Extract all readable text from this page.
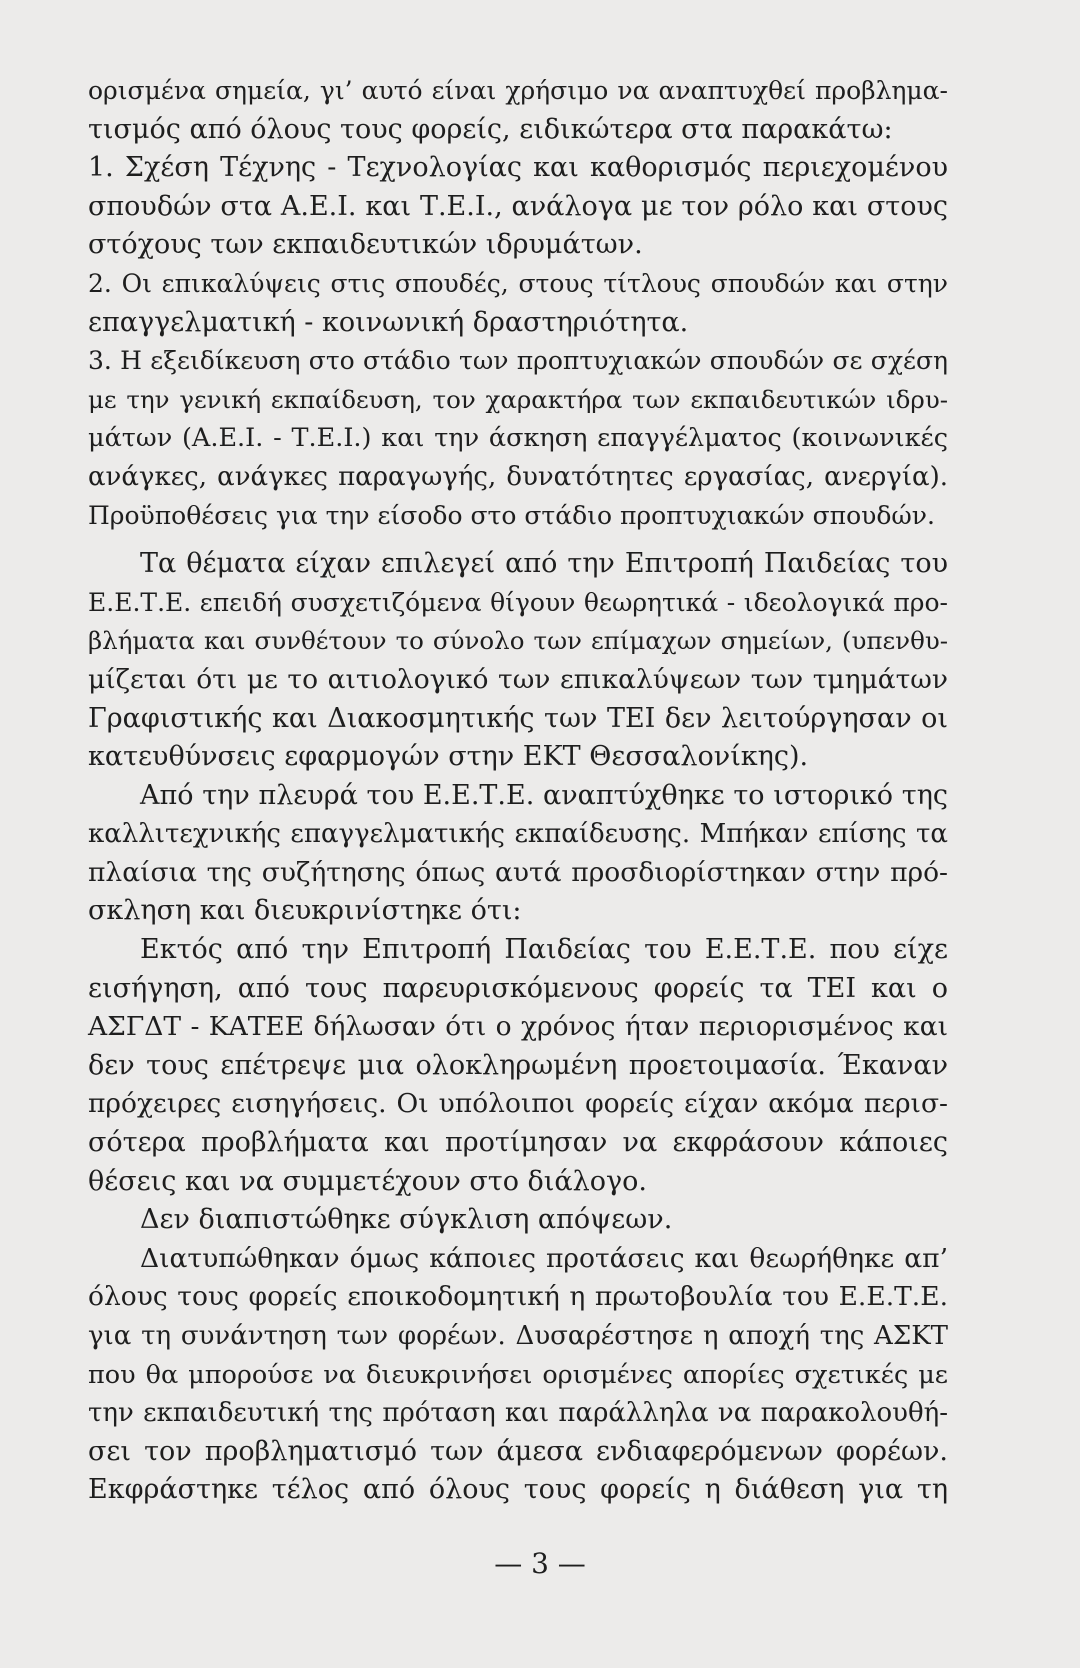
ορισμένα σημεία, γι’ αυτό είναι χρήσιμο να αναπτυχθεί προβλημα-
τισμός από όλους τους φορείς, ειδικώτερα στα παρακάτω:
1. Σχέση Τέχνης - Τεχνολογίας και καθορισμός περιεχομένου
σπουδών στα Α.Ε.Ι. και Τ.Ε.Ι., ανάλογα με τον ρόλο και στους
στόχους των εκπαιδευτικών ιδρυμάτων.
2. Οι επικαλύψεις στις σπουδές, στους τίτλους σπουδών και στην
επαγγελματική - κοινωνική δραστηριότητα.
3. Η εξειδίκευση στο στάδιο των προπτυχιακών σπουδών σε σχέση
με την γενική εκπαίδευση, τον χαρακτήρα των εκπαιδευτικών ιδρυ-
μάτων (Α.Ε.Ι. - Τ.Ε.Ι.) και την άσκηση επαγγέλματος (κοινωνικές
ανάγκες, ανάγκες παραγωγής, δυνατότητες εργασίας, ανεργία).
Προϋποθέσεις για την είσοδο στο στάδιο προπτυχιακών σπουδών.
Τα θέματα είχαν επιλεγεί από την Επιτροπή Παιδείας του
Ε.Ε.Τ.Ε. επειδή συσχετιζόμενα θίγουν θεωρητικά - ιδεολογικά προ-
βλήματα και συνθέτουν το σύνολο των επίμαχων σημείων, (υπενθυ-
μίζεται ότι με το αιτιολογικό των επικαλύψεων των τμημάτων
Γραφιστικής και Διακοσμητικής των ΤΕΙ δεν λειτούργησαν οι
κατευθύνσεις εφαρμογών στην ΕΚΤ Θεσσαλονίκης).
Από την πλευρά του Ε.Ε.Τ.Ε. αναπτύχθηκε το ιστορικό της
καλλιτεχνικής επαγγελματικής εκπαίδευσης. Μπήκαν επίσης τα
πλαίσια της συζήτησης όπως αυτά προσδιορίστηκαν στην πρό-
σκληση και διευκρινίστηκε ότι:
Εκτός από την Επιτροπή Παιδείας του Ε.Ε.Τ.Ε. που είχε
εισήγηση, από τους παρευρισκόμενους φορείς τα ΤΕΙ και ο
ΑΣΓΔΤ - ΚΑΤΕΕ δήλωσαν ότι ο χρόνος ήταν περιορισμένος και
δεν τους επέτρεψε μια ολοκληρωμένη προετοιμασία. Έκαναν
πρόχειρες εισηγήσεις. Οι υπόλοιποι φορείς είχαν ακόμα περισ-
σότερα προβλήματα και προτίμησαν να εκφράσουν κάποιες
θέσεις και να συμμετέχουν στο διάλογο.
Δεν διαπιστώθηκε σύγκλιση απόψεων.
Διατυπώθηκαν όμως κάποιες προτάσεις και θεωρήθηκε απ’
όλους τους φορείς εποικοδομητική η πρωτοβουλία του Ε.Ε.Τ.Ε.
για τη συνάντηση των φορέων. Δυσαρέστησε η αποχή της ΑΣΚΤ
που θα μπορούσε να διευκρινήσει ορισμένες απορίες σχετικές με
την εκπαιδευτική της πρόταση και παράλληλα να παρακολουθή-
σει τον προβληματισμό των άμεσα ενδιαφερόμενων φορέων.
Εκφράστηκε τέλος από όλους τους φορείς η διάθεση για τη
— 3 —
